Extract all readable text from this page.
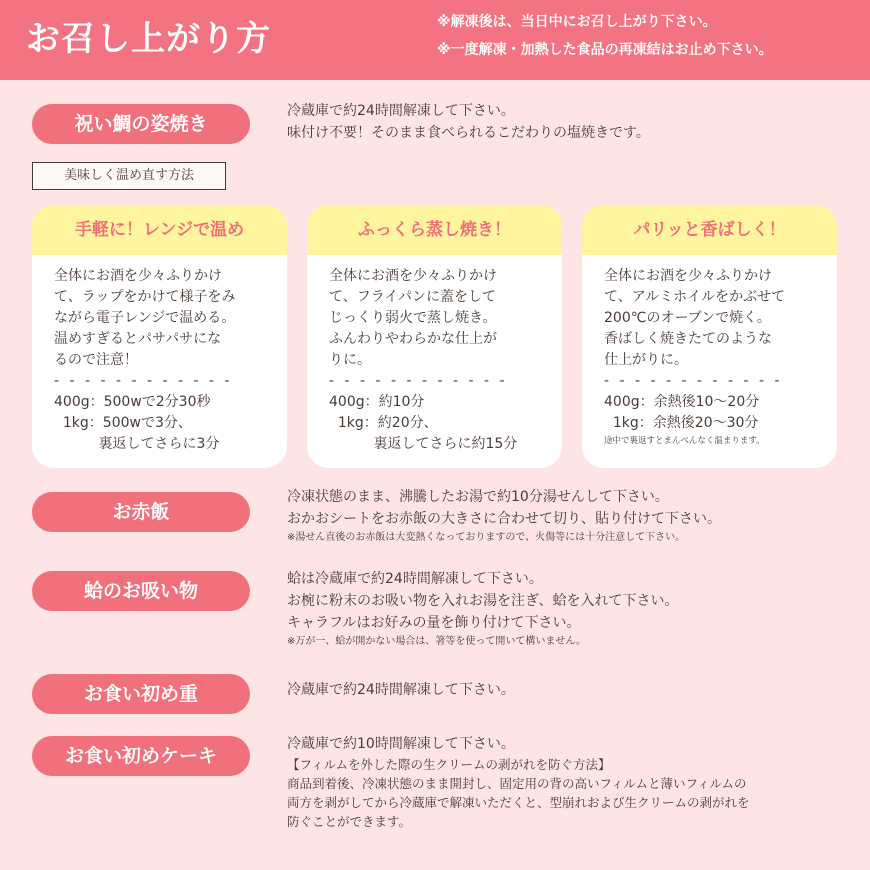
お召し上がり方	※解凍後は、当日中にお召し上がり下さい。
※一度解凍・加熱した食品の再凍結はお止め下さい。
祝い鯛の姿焼き
冷蔵庫で約24時間解凍して下さい。
味付け不要！そのまま食べられるこだわりの塩焼きです。
美味しく温め直す方法
手軽に！レンジで温め
全体にお酒を少々ふりかけ
て、ラップをかけて様子をみ
ながら電子レンジで温める。
温めすぎるとパサパサにな
るので注意！
- - - - - - - - - - - -
400g：500wで2分30秒
1kg：500wで3分、
裏返してさらに3分
ふっくら蒸し焼き！
全体にお酒を少々ふりかけ
て、フライパンに蓋をして
じっくり弱火で蒸し焼き。
ふんわりやわらかな仕上が
りに。
- - - - - - - - - - - -
400g：約10分
1kg：約20分、
裏返してさらに約15分
パリッと香ばしく！
全体にお酒を少々ふりかけ
て、アルミホイルをかぶせて
200℃のオーブンで焼く。
香ばしく焼きたてのような
仕上がりに。
- - - - - - - - - - - -
400g：余熱後10〜20分
1kg：余熱後20〜30分
途中で裏返すとまんべんなく温まります。
お赤飯
冷凍状態のまま、沸騰したお湯で約10分湯せんして下さい。
おかおシートをお赤飯の大きさに合わせて切り、貼り付けて下さい。
※湯せん直後のお赤飯は大変熱くなっておりますので、火傷等には十分注意して下さい。
蛤のお吸い物
蛤は冷蔵庫で約24時間解凍して下さい。
お椀に粉末のお吸い物を入れお湯を注ぎ、蛤を入れて下さい。
キャラフルはお好みの量を飾り付けて下さい。
※万が一、蛤が開かない場合は、箸等を使って開いて構いません。
お食い初め重	冷蔵庫で約24時間解凍して下さい。
お食い初めケーキ
冷蔵庫で約10時間解凍して下さい。
【フィルムを外した際の生クリームの剥がれを防ぐ方法】
商品到着後、冷凍状態のまま開封し、固定用の背の高いフィルムと薄いフィルムの
両方を剥がしてから冷蔵庫で解凍いただくと、型崩れおよび生クリームの剥がれを
防ぐことができます。
